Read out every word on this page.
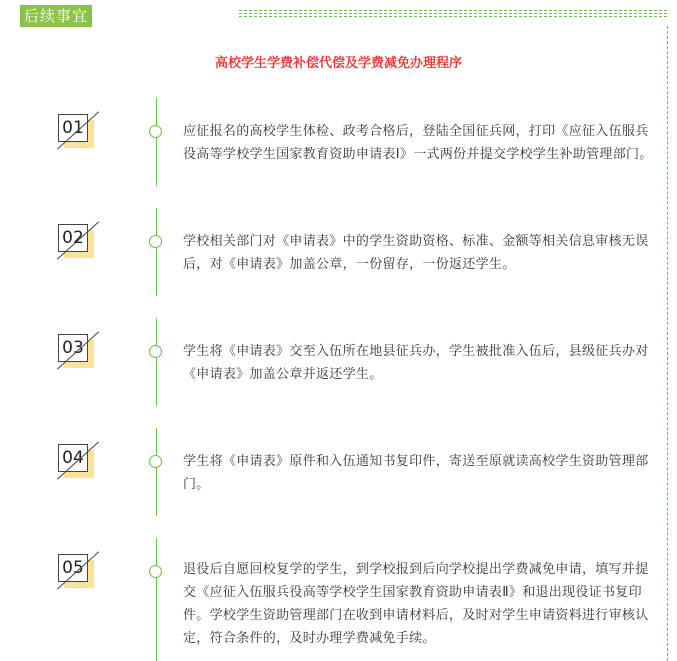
后续事宜
高校学生学费补偿代偿及学费减免办理程序
01	应征报名的高校学生体检、政考合格后，登陆全国征兵网，打印《应征入伍服兵役高等学校学生国家教育资助申请表Ⅰ》一式两份并提交学校学生补助管理部门。
02	学校相关部门对《申请表》中的学生资助资格、标准、金额等相关信息审核无误后，对《申请表》加盖公章，一份留存，一份返还学生。
03	学生将《申请表》交至入伍所在地县征兵办，学生被批准入伍后，县级征兵办对《申请表》加盖公章并返还学生。
04	学生将《申请表》原件和入伍通知书复印件，寄送至原就读高校学生资助管理部门。
05	退役后自愿回校复学的学生，到学校报到后向学校提出学费减免申请，填写并提交《应征入伍服兵役高等学校学生国家教育资助申请表Ⅱ》和退出现役证书复印件。学校学生资助管理部门在收到申请材料后，及时对学生申请资料进行审核认定，符合条件的，及时办理学费减免手续。
